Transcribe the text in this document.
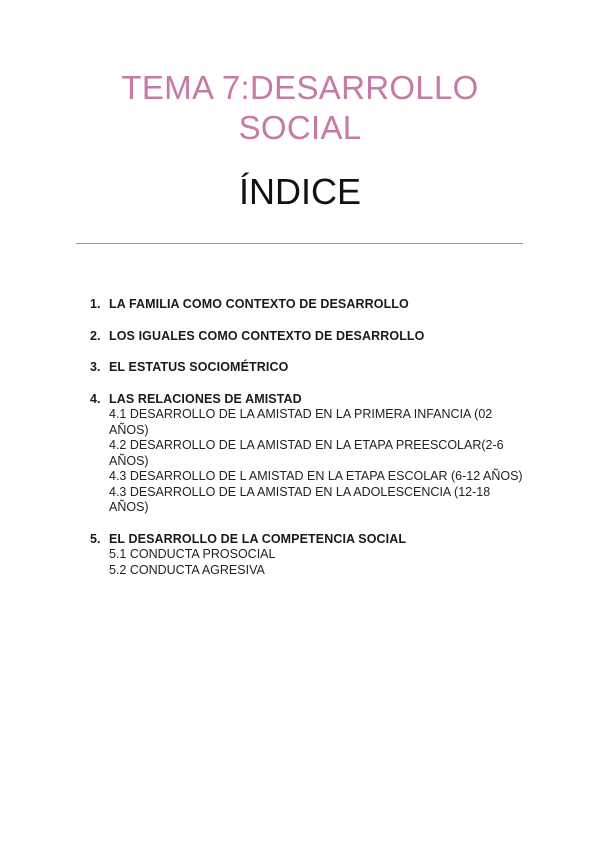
TEMA 7:DESARROLLO
SOCIAL
ÍNDICE
1. LA FAMILIA COMO CONTEXTO DE DESARROLLO
2. LOS IGUALES COMO CONTEXTO DE DESARROLLO
3. EL ESTATUS SOCIOMÉTRICO
4. LAS RELACIONES DE AMISTAD
4.1 DESARROLLO DE LA AMISTAD EN LA PRIMERA INFANCIA (02 AÑOS)
4.2 DESARROLLO DE LA AMISTAD EN LA ETAPA PREESCOLAR(2-6 AÑOS)
4.3 DESARROLLO DE L AMISTAD EN LA ETAPA ESCOLAR (6-12 AÑOS)
4.3 DESARROLLO DE LA AMISTAD EN LA ADOLESCENCIA (12-18 AÑOS)
5. EL DESARROLLO DE LA COMPETENCIA SOCIAL
5.1 CONDUCTA PROSOCIAL
5.2 CONDUCTA AGRESIVA
